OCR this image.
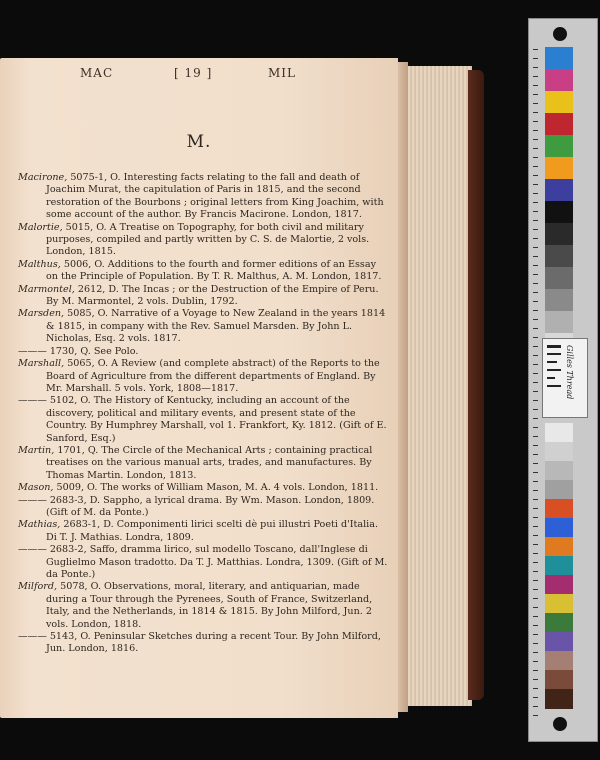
MAC	[ 19 ]	MIL
M.
Macirone, 5075-1, O. Interesting facts relating to the fall and death of Joachim Murat, the capitulation of Paris in 1815, and the second restoration of the Bourbons ; original letters from King Joachim, with some account of the author. By Francis Macirone. London, 1817.
Malortie, 5015, O. A Treatise on Topography, for both civil and military purposes, compiled and partly written by C. S. de Malortie, 2 vols. London, 1815.
Malthus, 5006, O. Additions to the fourth and former editions of an Essay on the Principle of Population. By T. R. Malthus, A. M. London, 1817.
Marmontel, 2612, D. The Incas ; or the Destruction of the Empire of Peru. By M. Marmontel, 2 vols. Dublin, 1792.
Marsden, 5085, O. Narrative of a Voyage to New Zealand in the years 1814 & 1815, in company with the Rev. Samuel Marsden. By John L. Nicholas, Esq. 2 vols. 1817.
——— 1730, Q. See Polo.
Marshall, 5065, O. A Review (and complete abstract) of the Reports to the Board of Agriculture from the different departments of England. By Mr. Marshall. 5 vols. York, 1808—1817.
——— 5102, O. The History of Kentucky, including an account of the discovery, political and military events, and present state of the Country. By Humphrey Marshall, vol 1. Frankfort, Ky. 1812. (Gift of E. Sanford, Esq.)
Martin, 1701, Q. The Circle of the Mechanical Arts ; containing practical treatises on the various manual arts, trades, and manufactures. By Thomas Martin. London, 1813.
Mason, 5009, O. The works of William Mason, M. A. 4 vols. London, 1811.
——— 2683-3, D. Sappho, a lyrical drama. By Wm. Mason. London, 1809. (Gift of M. da Ponte.)
Mathias, 2683-1, D. Componimenti lirici scelti dè pui illustri Poeti d'Italia. Di T. J. Mathias. Londra, 1809.
——— 2683-2, Saffo, dramma lirico, sul modello Toscano, dall'Inglese di Guglielmo Mason tradotto. Da T. J. Matthias. Londra, 1309. (Gift of M. da Ponte.)
Milford, 5078, O. Observations, moral, literary, and antiquarian, made during a Tour through the Pyrenees, South of France, Switzerland, Italy, and the Netherlands, in 1814 & 1815. By John Milford, Jun. 2 vols. London, 1818.
——— 5143, O. Peninsular Sketches during a recent Tour. By John Milford, Jun. London, 1816.
Gilles Thread
